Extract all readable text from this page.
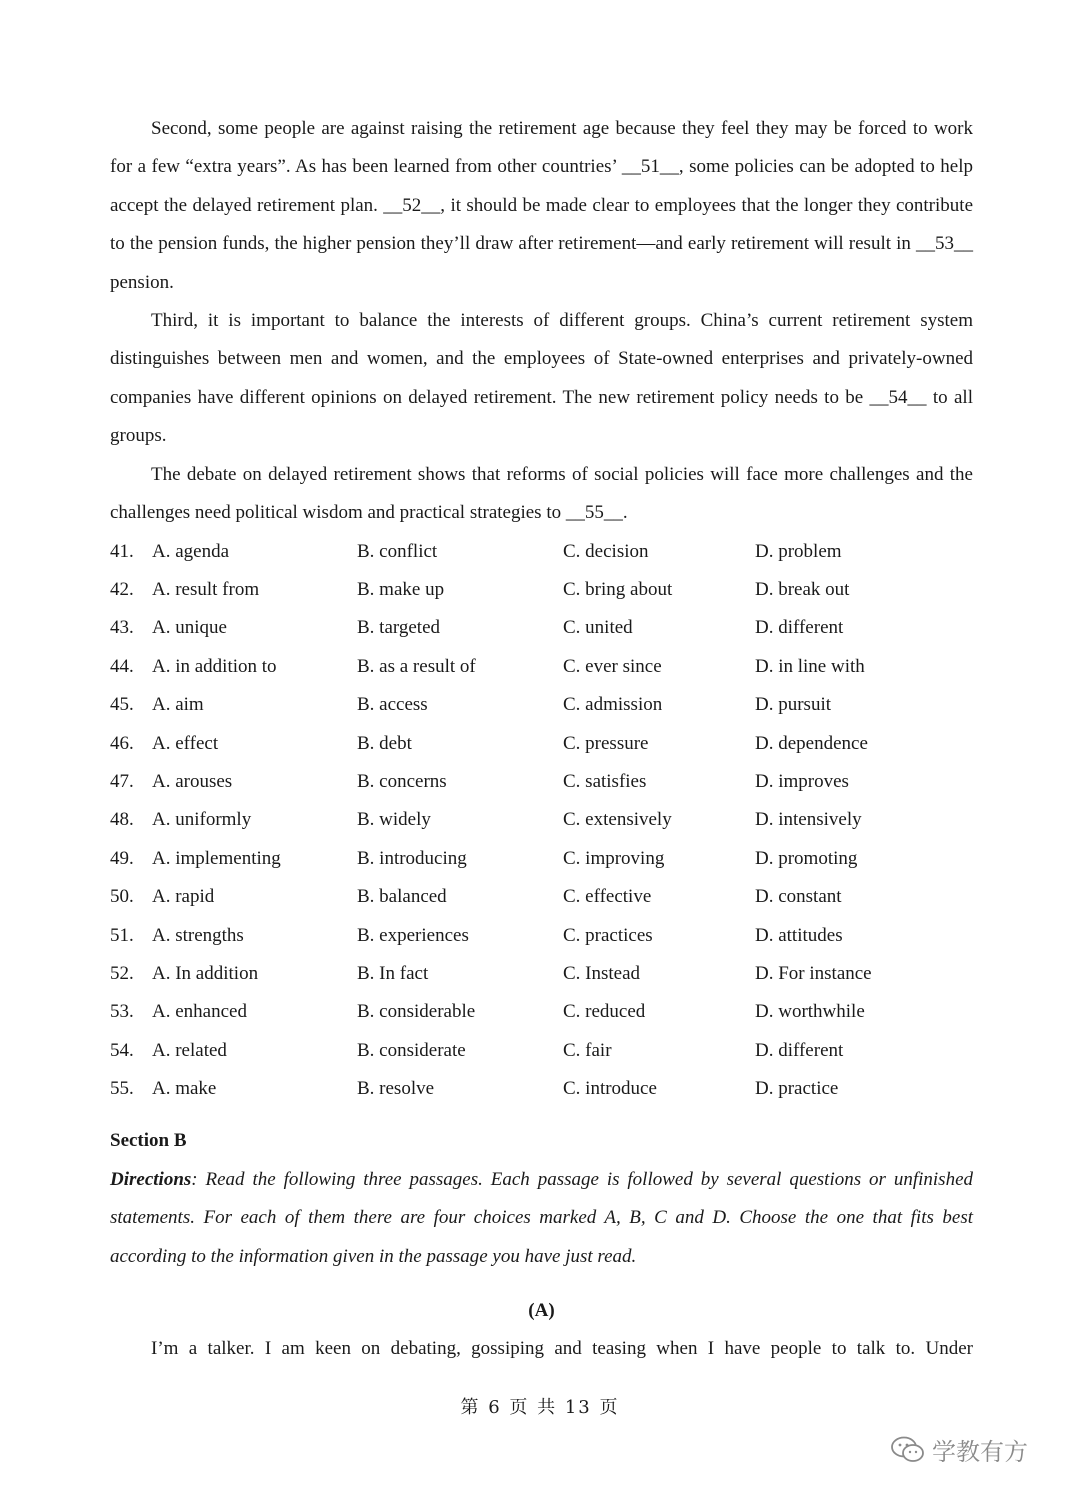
Second, some people are against raising the retirement age because they feel they may be forced to work for a few “extra years”. As has been learned from other countries’ __51__, some policies can be adopted to help accept the delayed retirement plan. __52__, it should be made clear to employees that the longer they contribute to the pension funds, the higher pension they’ll draw after retirement—and early retirement will result in __53__ pension.

Third, it is important to balance the interests of different groups. China’s current retirement system distinguishes between men and women, and the employees of State-owned enterprises and privately-owned companies have different opinions on delayed retirement. The new retirement policy needs to be __54__ to all groups.

The debate on delayed retirement shows that reforms of social policies will face more challenges and the challenges need political wisdom and practical strategies to __55__.

41. A. agenda	B. conflict	C. decision	D. problem
42. A. result from	B. make up	C. bring about	D. break out
43. A. unique	B. targeted	C. united	D. different
44. A. in addition to	B. as a result of	C. ever since	D. in line with
45. A. aim	B. access	C. admission	D. pursuit
46. A. effect	B. debt	C. pressure	D. dependence
47. A. arouses	B. concerns	C. satisfies	D. improves
48. A. uniformly	B. widely	C. extensively	D. intensively
49. A. implementing	B. introducing	C. improving	D. promoting
50. A. rapid	B. balanced	C. effective	D. constant
51. A. strengths	B. experiences	C. practices	D. attitudes
52. A. In addition	B. In fact	C. Instead	D. For instance
53. A. enhanced	B. considerable	C. reduced	D. worthwhile
54. A. related	B. considerate	C. fair	D. different
55. A. make	B. resolve	C. introduce	D. practice
Section B
Directions: Read the following three passages. Each passage is followed by several questions or unfinished statements. For each of them there are four choices marked A, B, C and D. Choose the one that fits best according to the information given in the passage you have just read.
(A)

I’m a talker. I am keen on debating, gossiping and teasing when I have people to talk to. Under

第 6 页 共 13 页
学教有方
